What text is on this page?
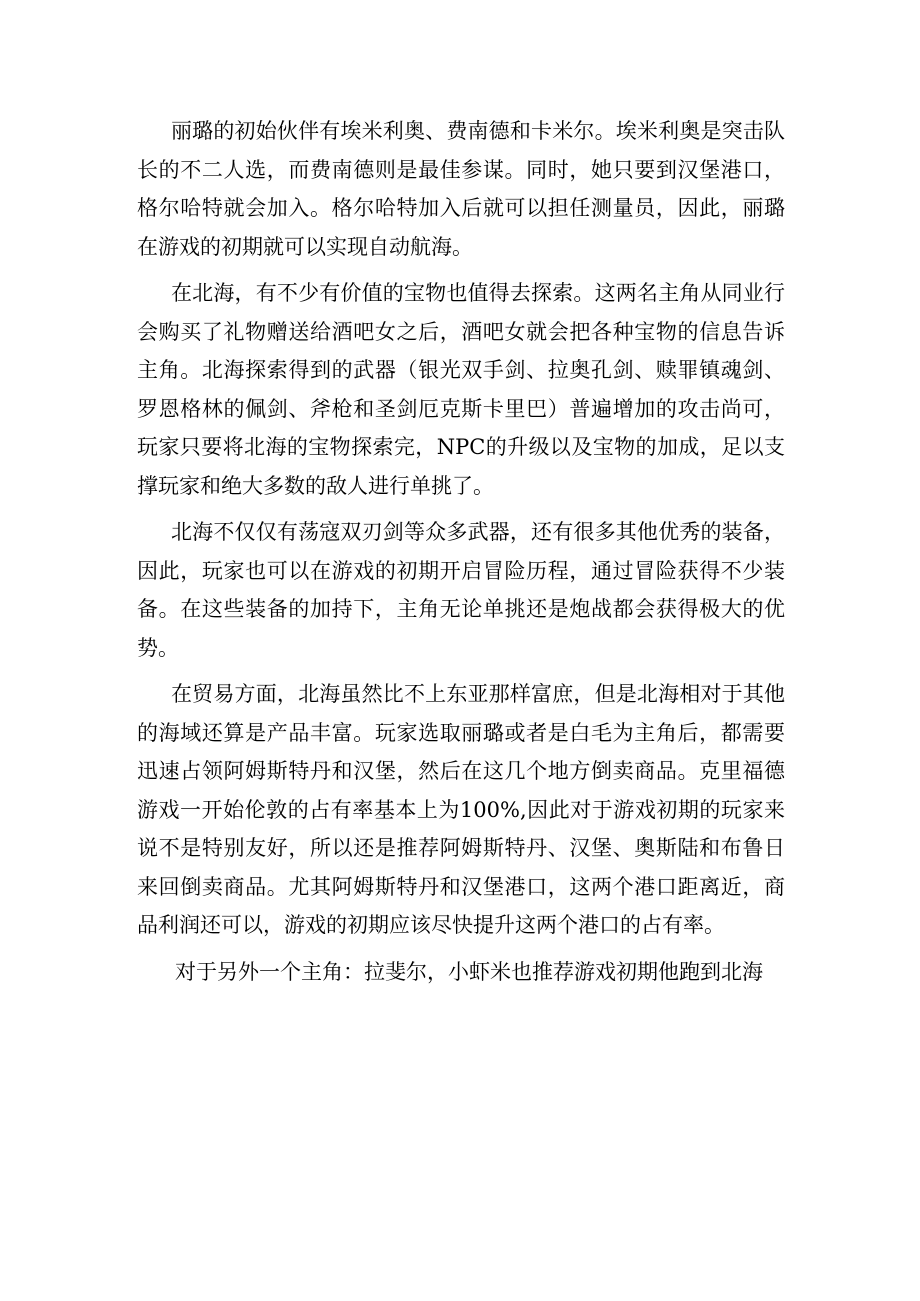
丽璐的初始伙伴有埃米利奥、费南德和卡米尔。埃米利奥是突击队长的不二人选，而费南德则是最佳参谋。同时，她只要到汉堡港口，格尔哈特就会加入。格尔哈特加入后就可以担任测量员，因此，丽璐在游戏的初期就可以实现自动航海。

在北海，有不少有价值的宝物也值得去探索。这两名主角从同业行会购买了礼物赠送给酒吧女之后，酒吧女就会把各种宝物的信息告诉主角。北海探索得到的武器（银光双手剑、拉奥孔剑、赎罪镇魂剑、罗恩格林的佩剑、斧枪和圣剑厄克斯卡里巴）普遍增加的攻击尚可，玩家只要将北海的宝物探索完，NPC的升级以及宝物的加成，足以支撑玩家和绝大多数的敌人进行单挑了。

北海不仅仅有荡寇双刃剑等众多武器，还有很多其他优秀的装备，因此，玩家也可以在游戏的初期开启冒险历程，通过冒险获得不少装备。在这些装备的加持下，主角无论单挑还是炮战都会获得极大的优势。

在贸易方面，北海虽然比不上东亚那样富庶，但是北海相对于其他的海域还算是产品丰富。玩家选取丽璐或者是白毛为主角后，都需要迅速占领阿姆斯特丹和汉堡，然后在这几个地方倒卖商品。克里福德游戏一开始伦敦的占有率基本上为100%,因此对于游戏初期的玩家来说不是特别友好，所以还是推荐阿姆斯特丹、汉堡、奥斯陆和布鲁日来回倒卖商品。尤其阿姆斯特丹和汉堡港口，这两个港口距离近，商品利润还可以，游戏的初期应该尽快提升这两个港口的占有率。

对于另外一个主角：拉斐尔，小虾米也推荐游戏初期他跑到北海
